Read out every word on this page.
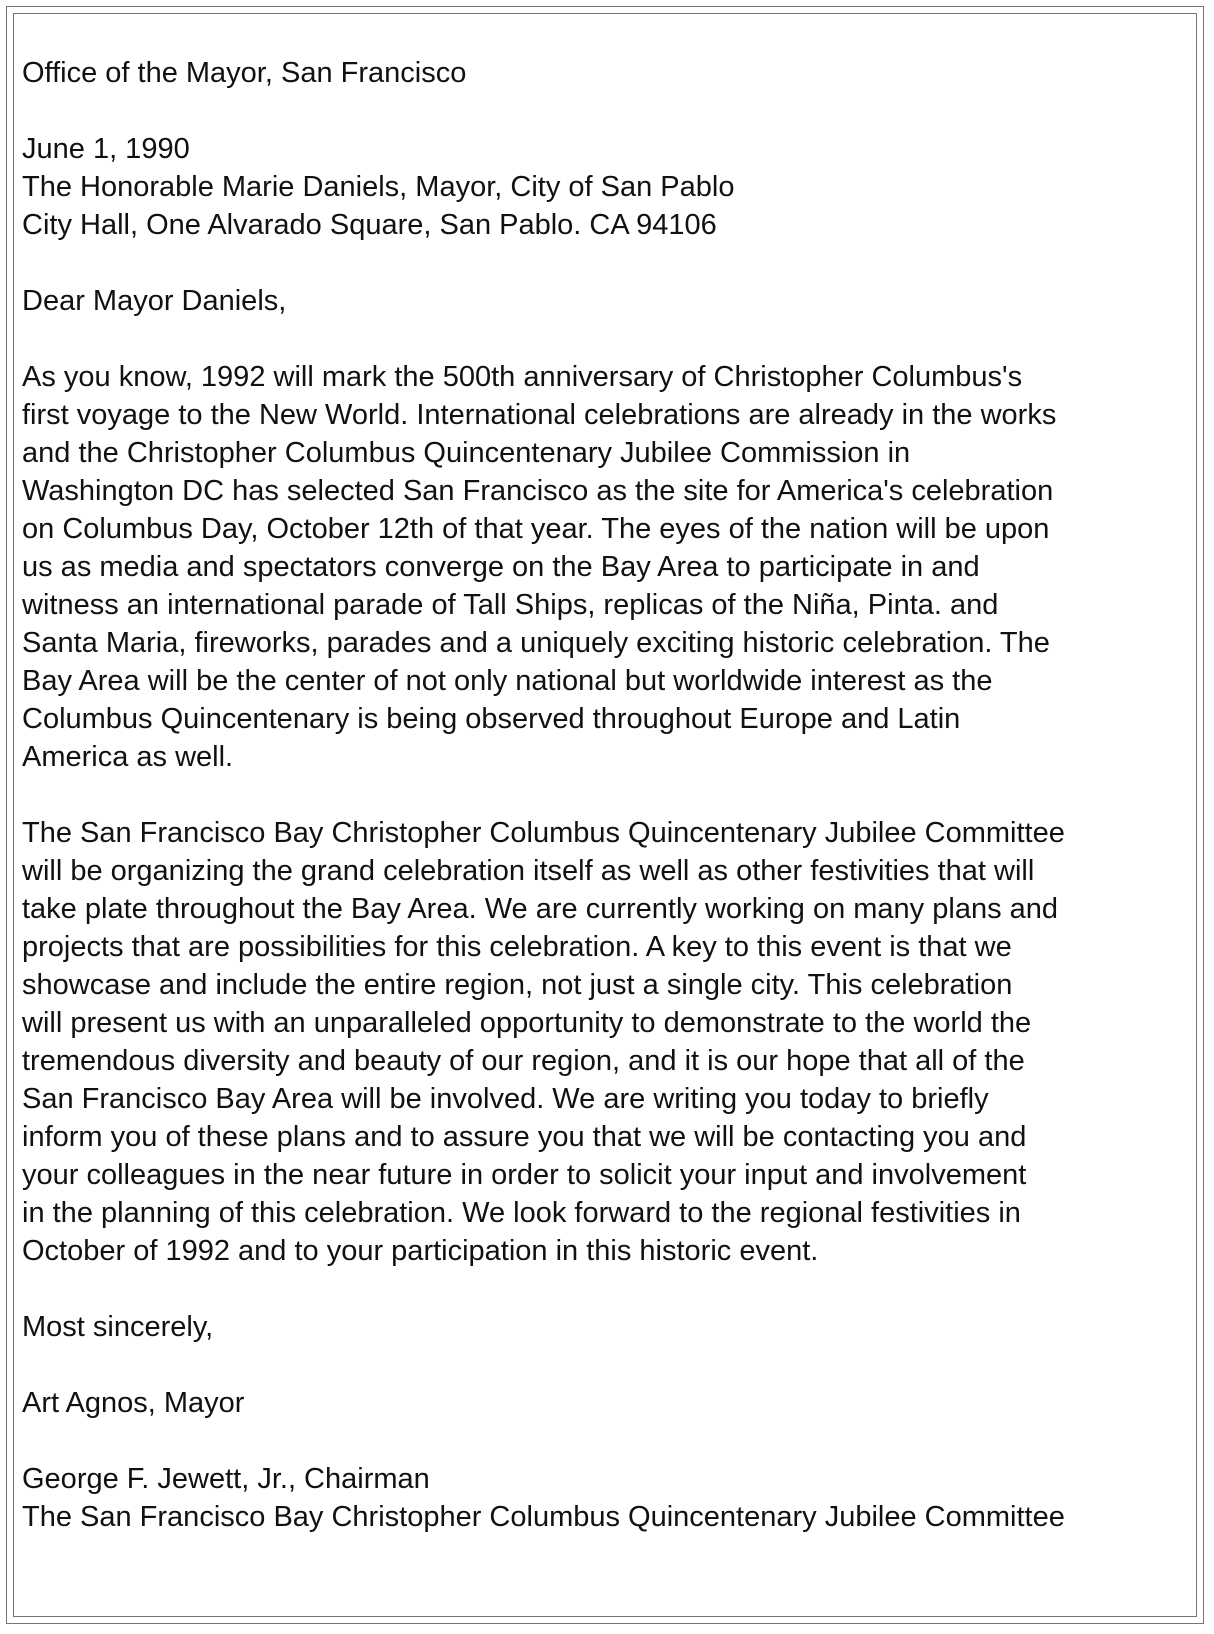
Office of the Mayor, San Francisco

June 1, 1990

The Honorable Marie Daniels, Mayor, City of San Pablo

City Hall, One Alvarado Square, San Pablo. CA 94106

Dear Mayor Daniels,

As you know, 1992 will mark the 500th anniversary of Christopher Columbus's
first voyage to the New World. International celebrations are already in the works
and the Christopher Columbus Quincentenary Jubilee Commission in
Washington DC has selected San Francisco as the site for America's celebration
on Columbus Day, October 12th of that year. The eyes of the nation will be upon
us as media and spectators converge on the Bay Area to participate in and
witness an international parade of Tall Ships, replicas of the Niña, Pinta. and
Santa Maria, fireworks, parades and a uniquely exciting historic celebration. The
Bay Area will be the center of not only national but worldwide interest as the
Columbus Quincentenary is being observed throughout Europe and Latin
America as well.

The San Francisco Bay Christopher Columbus Quincentenary Jubilee Committee
will be organizing the grand celebration itself as well as other festivities that will
take plate throughout the Bay Area. We are currently working on many plans and
projects that are possibilities for this celebration. A key to this event is that we
showcase and include the entire region, not just a single city. This celebration
will present us with an unparalleled opportunity to demonstrate to the world the
tremendous diversity and beauty of our region, and it is our hope that all of the
San Francisco Bay Area will be involved. We are writing you today to briefly
inform you of these plans and to assure you that we will be contacting you and
your colleagues in the near future in order to solicit your input and involvement
in the planning of this celebration. We look forward to the regional festivities in
October of 1992 and to your participation in this historic event.

Most sincerely,

Art Agnos, Mayor

George F. Jewett, Jr., Chairman

The San Francisco Bay Christopher Columbus Quincentenary Jubilee Committee
